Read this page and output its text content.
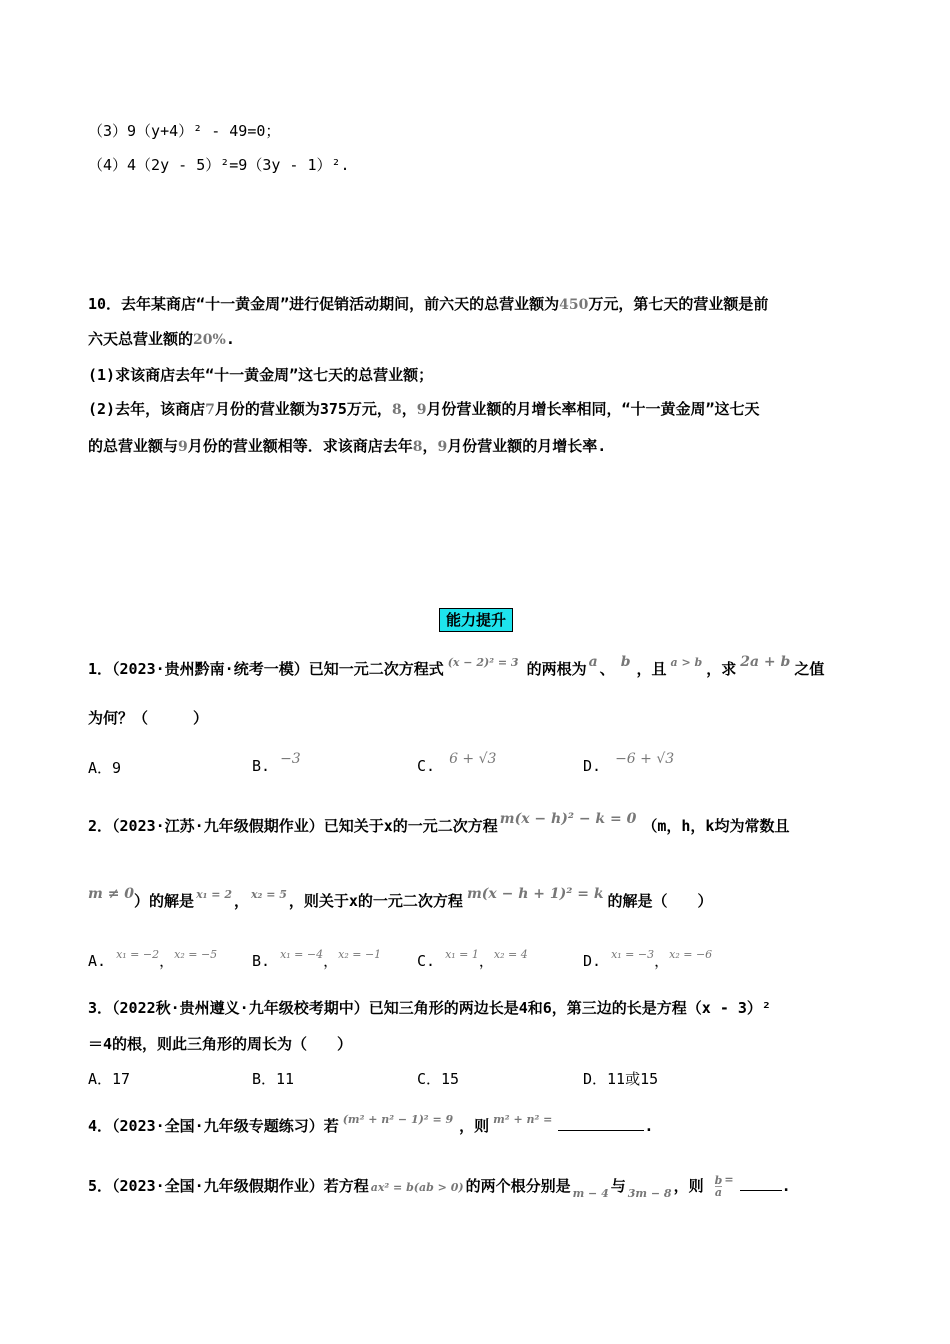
（3）9（y+4）² - 49=0；
（4）4（2y - 5）²=9（3y - 1）².
10．去年某商店“十一黄金周”进行促销活动期间，前六天的总营业额为450万元，第七天的营业额是前
六天总营业额的20%.
(1)求该商店去年“十一黄金周”这七天的总营业额；
(2)去年，该商店7月份的营业额为375万元，8，9月份营业额的月增长率相同，“十一黄金周”这七天
的总营业额与9月份的营业额相等．求该商店去年8，9月份营业额的月增长率.
能力提升
1．（2023·贵州黔南·统考一模）已知一元二次方程式 $^{(x - 2)^2 = 3}$ 的两根为 a 、 b ，且 $^{a > b}$ ，求 2a + b 之值
为何？（　　　）
A．9	B. −3	C. 6 + √3	D. −6 + √3
2．（2023·江苏·九年级假期作业）已知关于x的一元二次方程 m(x − h)² − k = 0 （m，h，k均为常数且
m ≠ 0）的解是 $^{x_1 = 2}$ ， $^{x_2 = 5}$ ，则关于x的一元二次方程 m(x − h + 1)² = k 的解是（　　）
A. $^{x_1 = -2}$，$^{x_2 = -5}$ B. $^{x_1 = -4}$，$^{x_2 = -1}$ C. $^{x_1 = 1}$，$^{x_2 = 4}$	D. $^{x_1 = -3}$，$^{x_2 = -6}$
3．（2022秋·贵州遵义·九年级校考期中）已知三角形的两边长是4和6，第三边的长是方程（x - 3）²
＝4的根，则此三角形的周长为（　　）
A．17	B．11	C．15	D．11或15
4．（2023·全国·九年级专题练习）若 $^{(m^2 + n^2 - 1)^2 = 9}$ ，则 $^{m^2 + n^2 =}$	.
5．（2023·全国·九年级假期作业）若方程 ax² = b(ab > 0) 的两个根分别是 $_{m - 4}$ 与 $_{3m - 8}$ ，则 $\frac{b}{a} ^=$	.
